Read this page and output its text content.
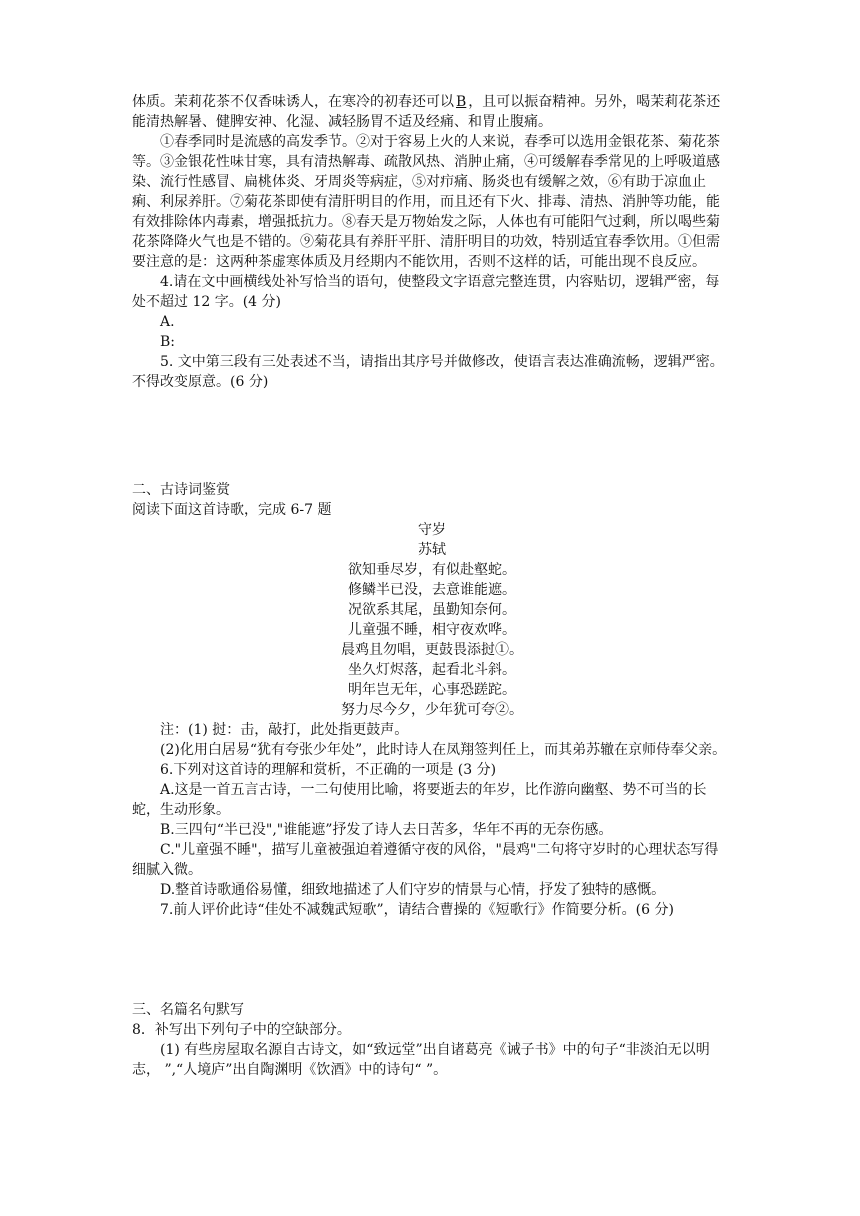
体质。茉莉花茶不仅香味诱人，在寒冷的初春还可以 B ，且可以振奋精神。另外，喝茉莉花茶还能清热解暑、健脾安神、化湿、减轻肠胃不适及经痛、和胃止腹痛。

①春季同时是流感的高发季节。②对于容易上火的人来说，春季可以选用金银花茶、菊花茶等。③金银花性味甘寒，具有清热解毒、疏散风热、消肿止痛，④可缓解春季常见的上呼吸道感染、流行性感冒、扁桃体炎、牙周炎等病症，⑤对疖痛、肠炎也有缓解之效，⑥有助于凉血止痢、利尿养肝。⑦菊花茶即使有清肝明目的作用，而且还有下火、排毒、清热、消肿等功能，能有效排除体内毒素，增强抵抗力。⑧春天是万物始发之际，人体也有可能阳气过剩，所以喝些菊花茶降降火气也是不错的。⑨菊花具有养肝平肝、清肝明目的功效，特别适宜春季饮用。①但需要注意的是：这两种茶虚寒体质及月经期内不能饮用，否则不这样的话，可能出现不良反应。

4.请在文中画横线处补写恰当的语句，使整段文字语意完整连贯，内容贴切，逻辑严密，每处不超过 12 字。(4 分)

A.

B:

5. 文中第三段有三处表述不当，请指出其序号并做修改，使语言表达准确流畅，逻辑严密。不得改变原意。(6 分)

二、古诗词鉴赏

阅读下面这首诗歌，完成 6-7 题

守岁

苏轼

欲知垂尽岁，有似赴壑蛇。

修鳞半已没，去意谁能遮。

况欲系其尾，虽勤知奈何。

儿童强不睡，相守夜欢哗。

晨鸡且勿唱，更鼓畏添挝①。

坐久灯烬落，起看北斗斜。

明年岂无年，心事恐蹉跎。

努力尽今夕，少年犹可夸②。

注：(1) 挝：击，敲打，此处指更鼓声。

(2)化用白居易“犹有夸张少年处”，此时诗人在凤翔签判任上，而其弟苏辙在京师侍奉父亲。

6.下列对这首诗的理解和赏析，不正确的一项是 (3 分)

A.这是一首五言古诗，一二句使用比喻，将要逝去的年岁，比作游向幽壑、势不可当的长蛇，生动形象。

B.三四句“半已没","谁能遮”抒发了诗人去日苦多，华年不再的无奈伤感。

C."儿童强不睡"，描写儿童被强迫着遵循守夜的风俗，"晨鸡"二句将守岁时的心理状态写得细腻入微。

D.整首诗歌通俗易懂，细致地描述了人们守岁的情景与心情，抒发了独特的感慨。

7.前人评价此诗“佳处不减魏武短歌”，请结合曹操的《短歌行》作简要分析。(6 分)

三、名篇名句默写

8．补写出下列句子中的空缺部分。

(1) 有些房屋取名源自古诗文，如“致远堂”出自诸葛亮《诫子书》中的句子“非淡泊无以明志， ”,“人境庐”出自陶渊明《饮酒》中的诗句“ ”。
